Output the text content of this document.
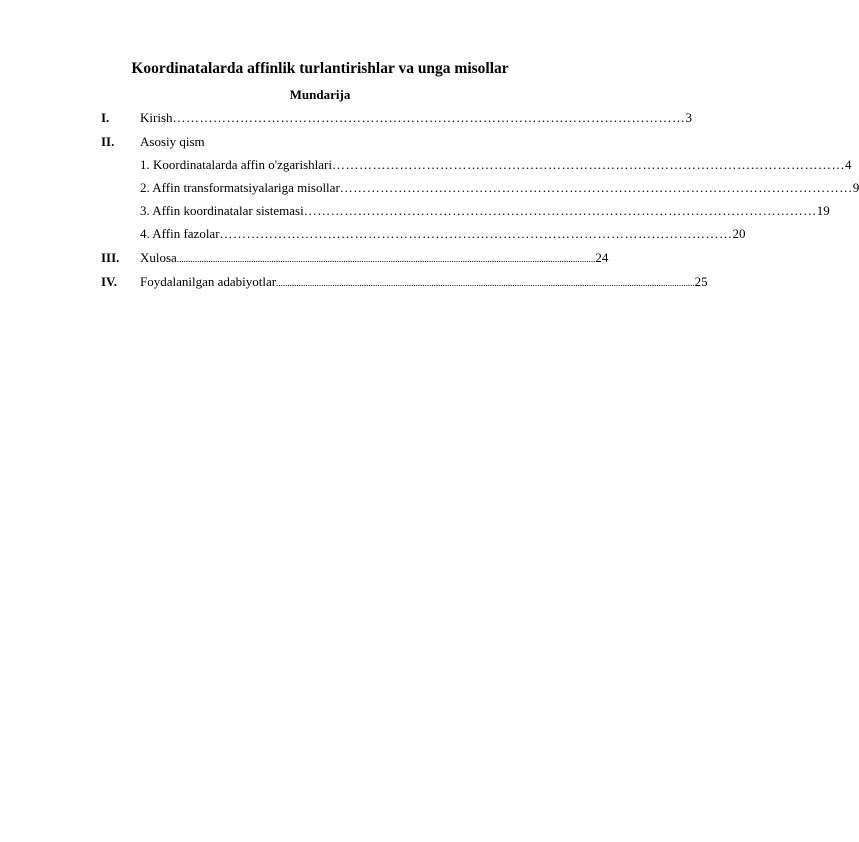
Koordinatalarda affinlik turlantirishlar va unga misollar
Mundarija
I. Kirish …………………………………………………………………………………………………… 3
II. Asosiy qism
1. Koordinatalarda affin o'zgarishlari …………………………………………………………………………………………………… 4
2. Affin transformatsiyalariga misollar …………………………………………………………………………………………………… 9
3. Affin koordinatalar sistemasi …………………………………………………………………………………………………… 19
4. Affin fazolar …………………………………………………………………………………………………… 20
III. Xulosa .......................................................................................................................................................................................... 24
IV. Foydalanilgan adabiyotlar .......................................................................................................................................................................................... 25
